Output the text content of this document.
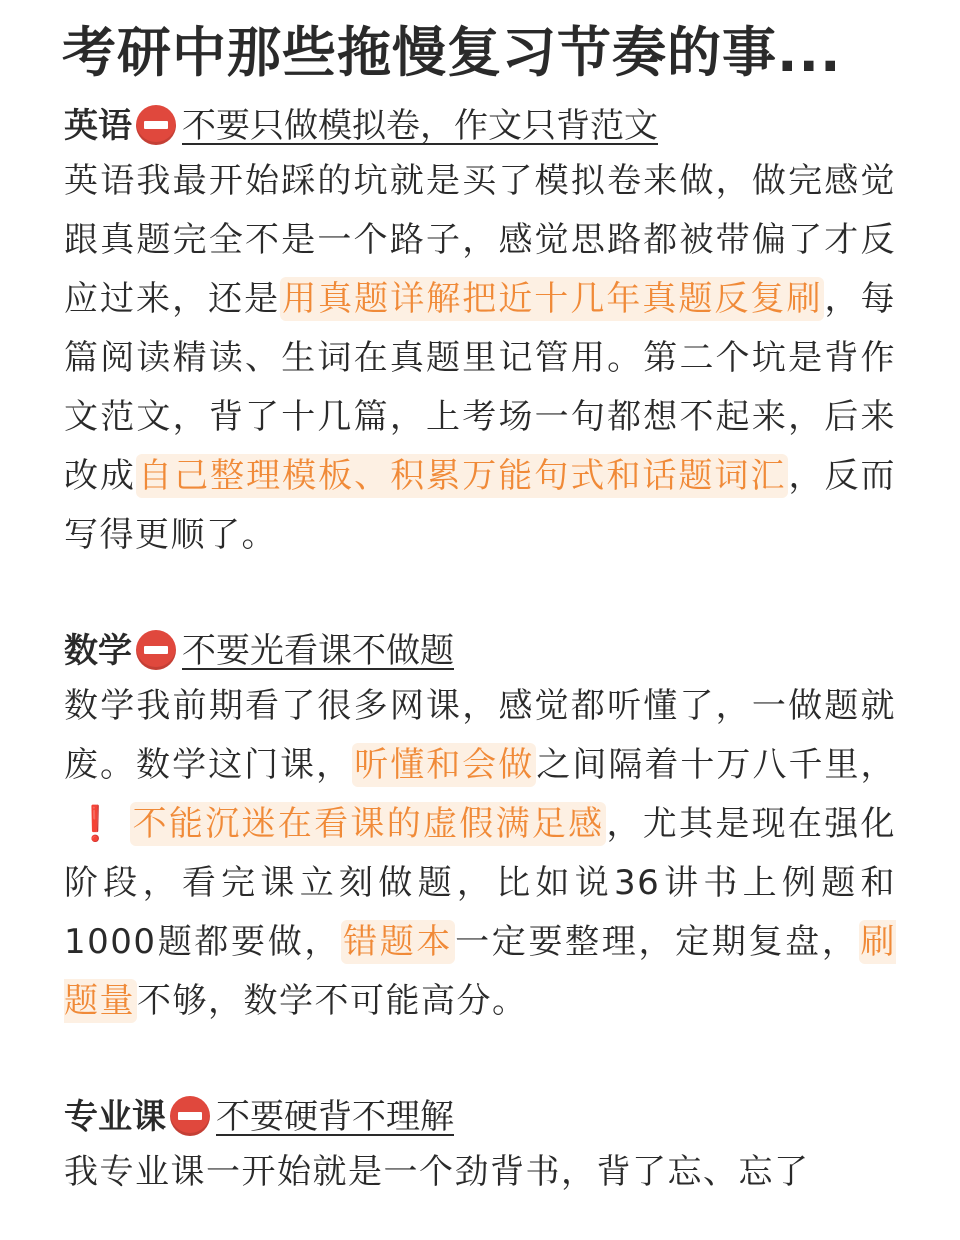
考研中那些拖慢复习节奏的事...
英语 不要只做模拟卷，作文只背范文
英语我最开始踩的坑就是买了模拟卷来做，做完感觉跟真题完全不是一个路子，感觉思路都被带偏了才反应过来，还是用真题详解把近十几年真题反复刷，每篇阅读精读、生词在真题里记管用。第二个坑是背作文范文，背了十几篇，上考场一句都想不起来，后来改成自己整理模板、积累万能句式和话题词汇，反而写得更顺了。
数学 不要光看课不做题
数学我前期看了很多网课，感觉都听懂了，一做题就废。数学这门课，听懂和会做之间隔着十万八千里，❗ 不能沉迷在看课的虚假满足感，尤其是现在强化阶段，看完课立刻做题，比如说36讲书上例题和1000题都要做，错题本一定要整理，定期复盘，刷题量不够，数学不可能高分。
专业课 不要硬背不理解
我专业课一开始就是一个劲背书，背了忘、忘了
